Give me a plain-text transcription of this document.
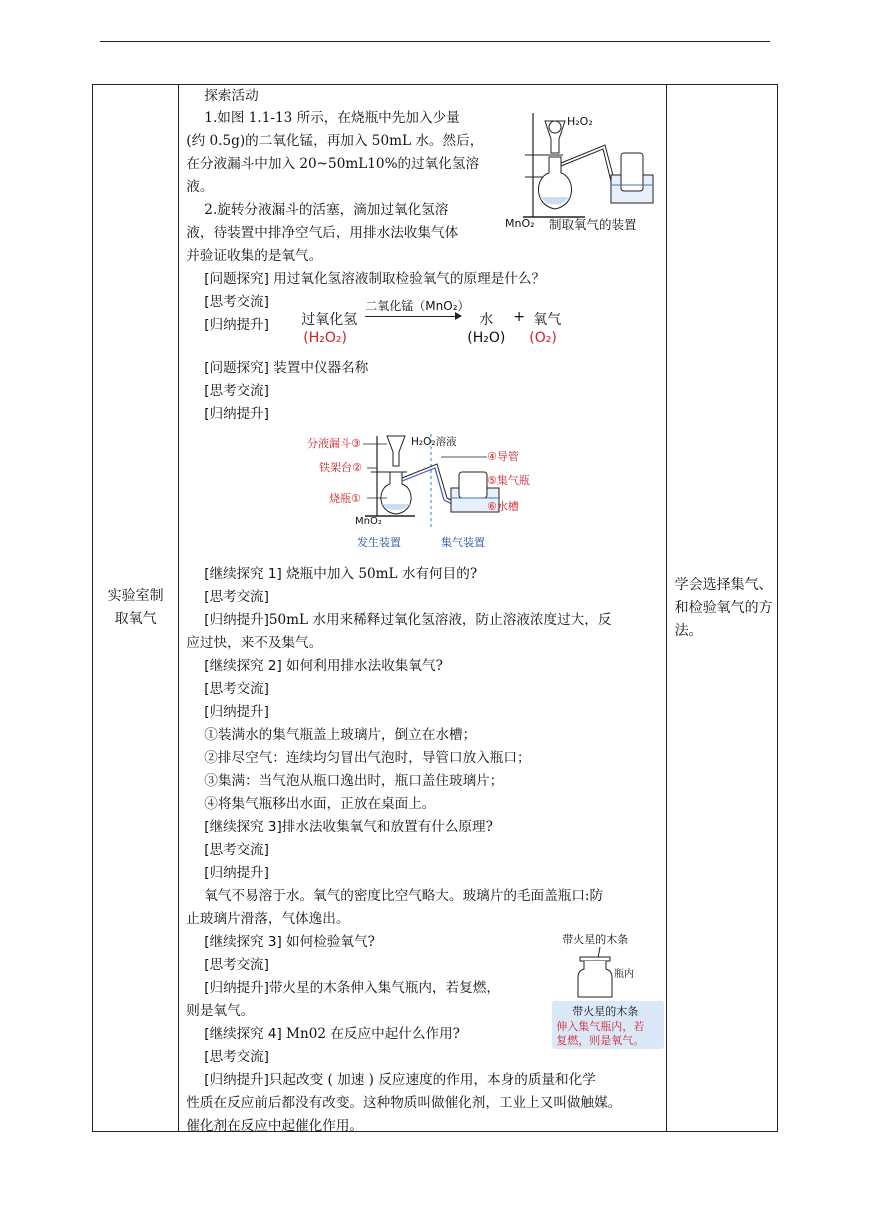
实验室制取氧气

探索活动
1.如图 1.1-13 所示，在烧瓶中先加入少量
(约 0.5g)的二氧化锰，再加入 50mL 水。然后，
在分液漏斗中加入 20~50mL10%的过氧化氢溶
液。
2.旋转分液漏斗的活塞，滴加过氧化氢溶
液，待装置中排净空气后，用排水法收集气体
并验证收集的是氧气。
H₂O₂
MnO₂ 制取氧气的装置
[问题探究] 用过氧化氢溶液制取检验氧气的原理是什么？
[思考交流]
[归纳提升] 过氧化氢
(H₂O₂)
二氧化锰（MnO₂）
水
(H₂O)
+ 氧气
(O₂)
[问题探究] 装置中仪器名称
[思考交流]
[归纳提升]
分液漏斗③
铁架台②
烧瓶①
MnO₂
H₂O₂溶液
④导管
⑤集气瓶
⑥水槽
发生装置	集气装置
[继续探究 1] 烧瓶中加入 50mL 水有何目的?
[思考交流]
[归纳提升]50mL 水用来稀释过氧化氢溶液，防止溶液浓度过大，反
应过快，来不及集气。
[继续探究 2] 如何利用排水法收集氧气?
[思考交流]
[归纳提升]
①装满水的集气瓶盖上玻璃片，倒立在水槽；
②排尽空气：连续均匀冒出气泡时，导管口放入瓶口；
③集满：当气泡从瓶口逸出时，瓶口盖住玻璃片；
④将集气瓶移出水面，正放在桌面上。
[继续探究 3]排水法收集氧气和放置有什么原理?
[思考交流]
[归纳提升]
氧气不易溶于水。氧气的密度比空气略大。玻璃片的毛面盖瓶口:防
止玻璃片滑落，气体逸出。
[继续探究 3] 如何检验氧气?
[思考交流]
[归纳提升]带火星的木条伸入集气瓶内，若复燃，
则是氧气。
带火星的木条
瓶内
带火星的木条
伸入集气瓶内，若
复燃，则是氧气。
[继续探究 4] Mn02 在反应中起什么作用?
[思考交流]
[归纳提升]只起改变 ( 加速 ) 反应速度的作用，本身的质量和化学
性质在反应前后都没有改变。这种物质叫做催化剂，工业上又叫做触媒。
催化剂在反应中起催化作用。

学会选择集气、和检验氧气的方法。
